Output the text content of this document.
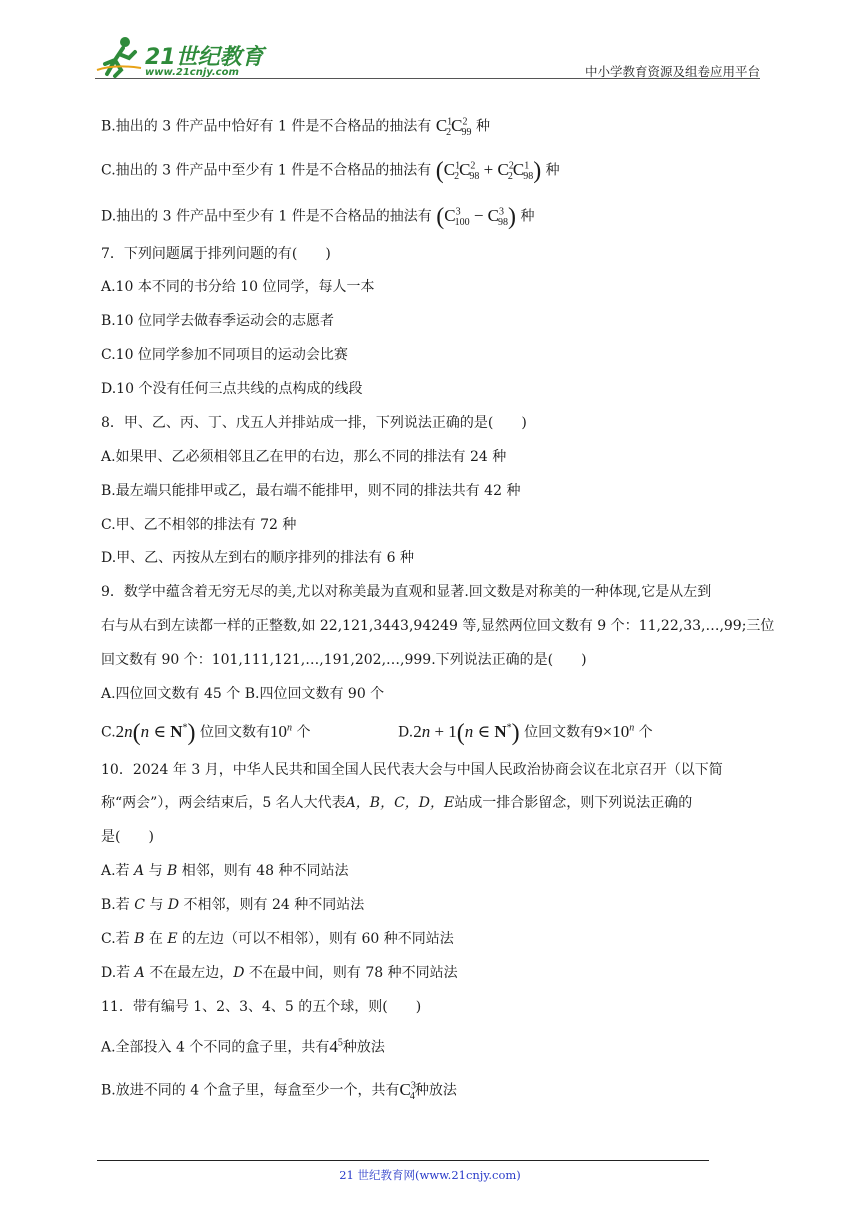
21世纪教育
www.21cnjy.com	中小学教育资源及组卷应用平台
B.抽出的 3 件产品中恰好有 1 件是不合格品的抽法有 $C^1_2C^2_{99}$ 种
C.抽出的 3 件产品中至少有 1 件是不合格品的抽法有 $(C^1_2C^2_{98} + C^2_2C^1_{98})$ 种
D.抽出的 3 件产品中至少有 1 件是不合格品的抽法有 $(C^3_{100} - C^3_{98})$ 种
7．下列问题属于排列问题的有(　　)
A.10 本不同的书分给 10 位同学，每人一本
B.10 位同学去做春季运动会的志愿者
C.10 位同学参加不同项目的运动会比赛
D.10 个没有任何三点共线的点构成的线段
8．甲、乙、丙、丁、戊五人并排站成一排，下列说法正确的是(　　)
A.如果甲、乙必须相邻且乙在甲的右边，那么不同的排法有 24 种
B.最左端只能排甲或乙，最右端不能排甲，则不同的排法共有 42 种
C.甲、乙不相邻的排法有 72 种
D.甲、乙、丙按从左到右的顺序排列的排法有 6 种
9．数学中蕴含着无穷无尽的美,尤以对称美最为直观和显著.回文数是对称美的一种体现,它是从左到
右与从右到左读都一样的正整数,如 22,121,3443,94249 等,显然两位回文数有 9 个：11,22,33,…,99;三位
回文数有 90 个：101,111,121,…,191,202,…,999.下列说法正确的是(　　)
A.四位回文数有 45 个 B.四位回文数有 90 个
C.2n(n ∈ N*) 位回文数有10$^n$ 个	D.2n + 1(n ∈ N*) 位回文数有$9\times 10^n$ 个
10．2024 年 3 月，中华人民共和国全国人民代表大会与中国人民政治协商会议在北京召开（以下简
称“两会”），两会结束后，5 名人大代表A，B，C，D，E站成一排合影留念，则下列说法正确的
是(　　)
A.若 A 与 B 相邻，则有 48 种不同站法
B.若 C 与 D 不相邻，则有 24 种不同站法
C.若 B 在 E 的左边（可以不相邻），则有 60 种不同站法
D.若 A 不在最左边，D 不在最中间，则有 78 种不同站法
11．带有编号 1、2、3、4、5 的五个球，则(　　)
A.全部投入 4 个不同的盒子里，共有$4^5$种放法
B.放进不同的 4 个盒子里，每盒至少一个，共有$C^3_4$种放法
21 世纪教育网(www.21cnjy.com)
